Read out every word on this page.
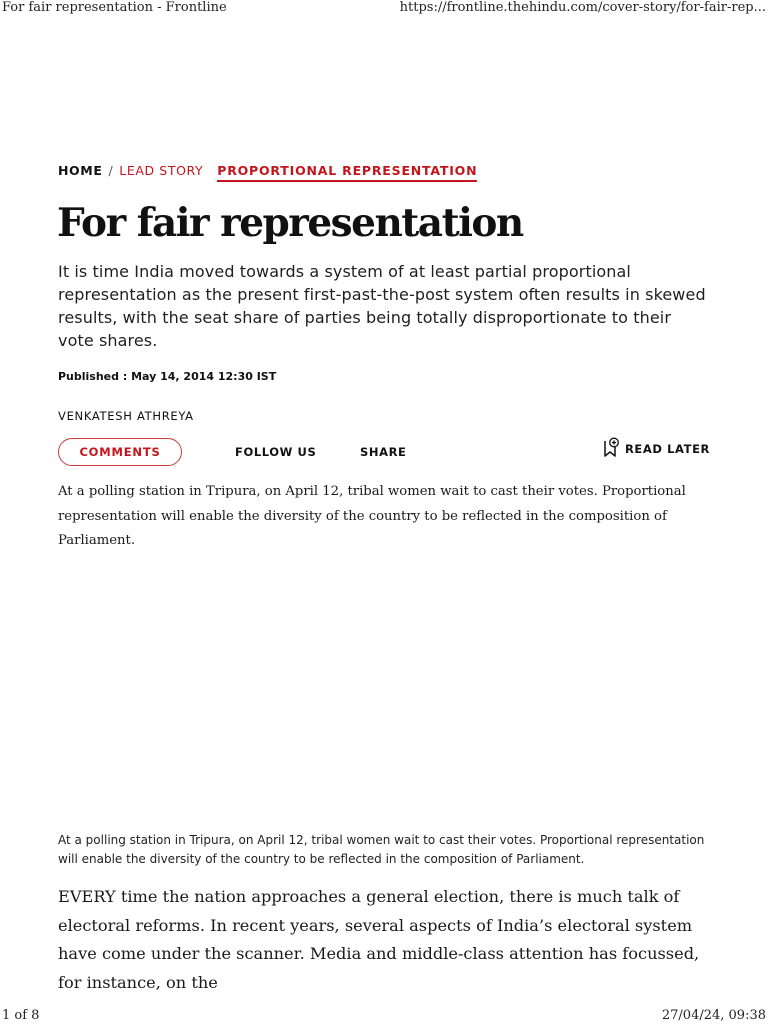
For fair representation - Frontline	https://frontline.thehindu.com/cover-story/for-fair-rep...
HOME / LEAD STORY PROPORTIONAL REPRESENTATION
For fair representation

It is time India moved towards a system of at least partial proportional representation as the present first-past-the-post system often results in skewed results, with the seat share of parties being totally disproportionate to their vote shares.

Published : May 14, 2014 12:30 IST
VENKATESH ATHREYA
COMMENTS	FOLLOW US	SHARE	READ LATER

At a polling station in Tripura, on April 12, tribal women wait to cast their votes. Proportional representation will enable the diversity of the country to be reflected in the composition of Parliament.

At a polling station in Tripura, on April 12, tribal women wait to cast their votes. Proportional representation will enable the diversity of the country to be reflected in the composition of Parliament.

EVERY time the nation approaches a general election, there is much talk of electoral reforms. In recent years, several aspects of India’s electoral system have come under the scanner. Media and middle-class attention has focussed, for instance, on the

1 of 8	27/04/24, 09:38
